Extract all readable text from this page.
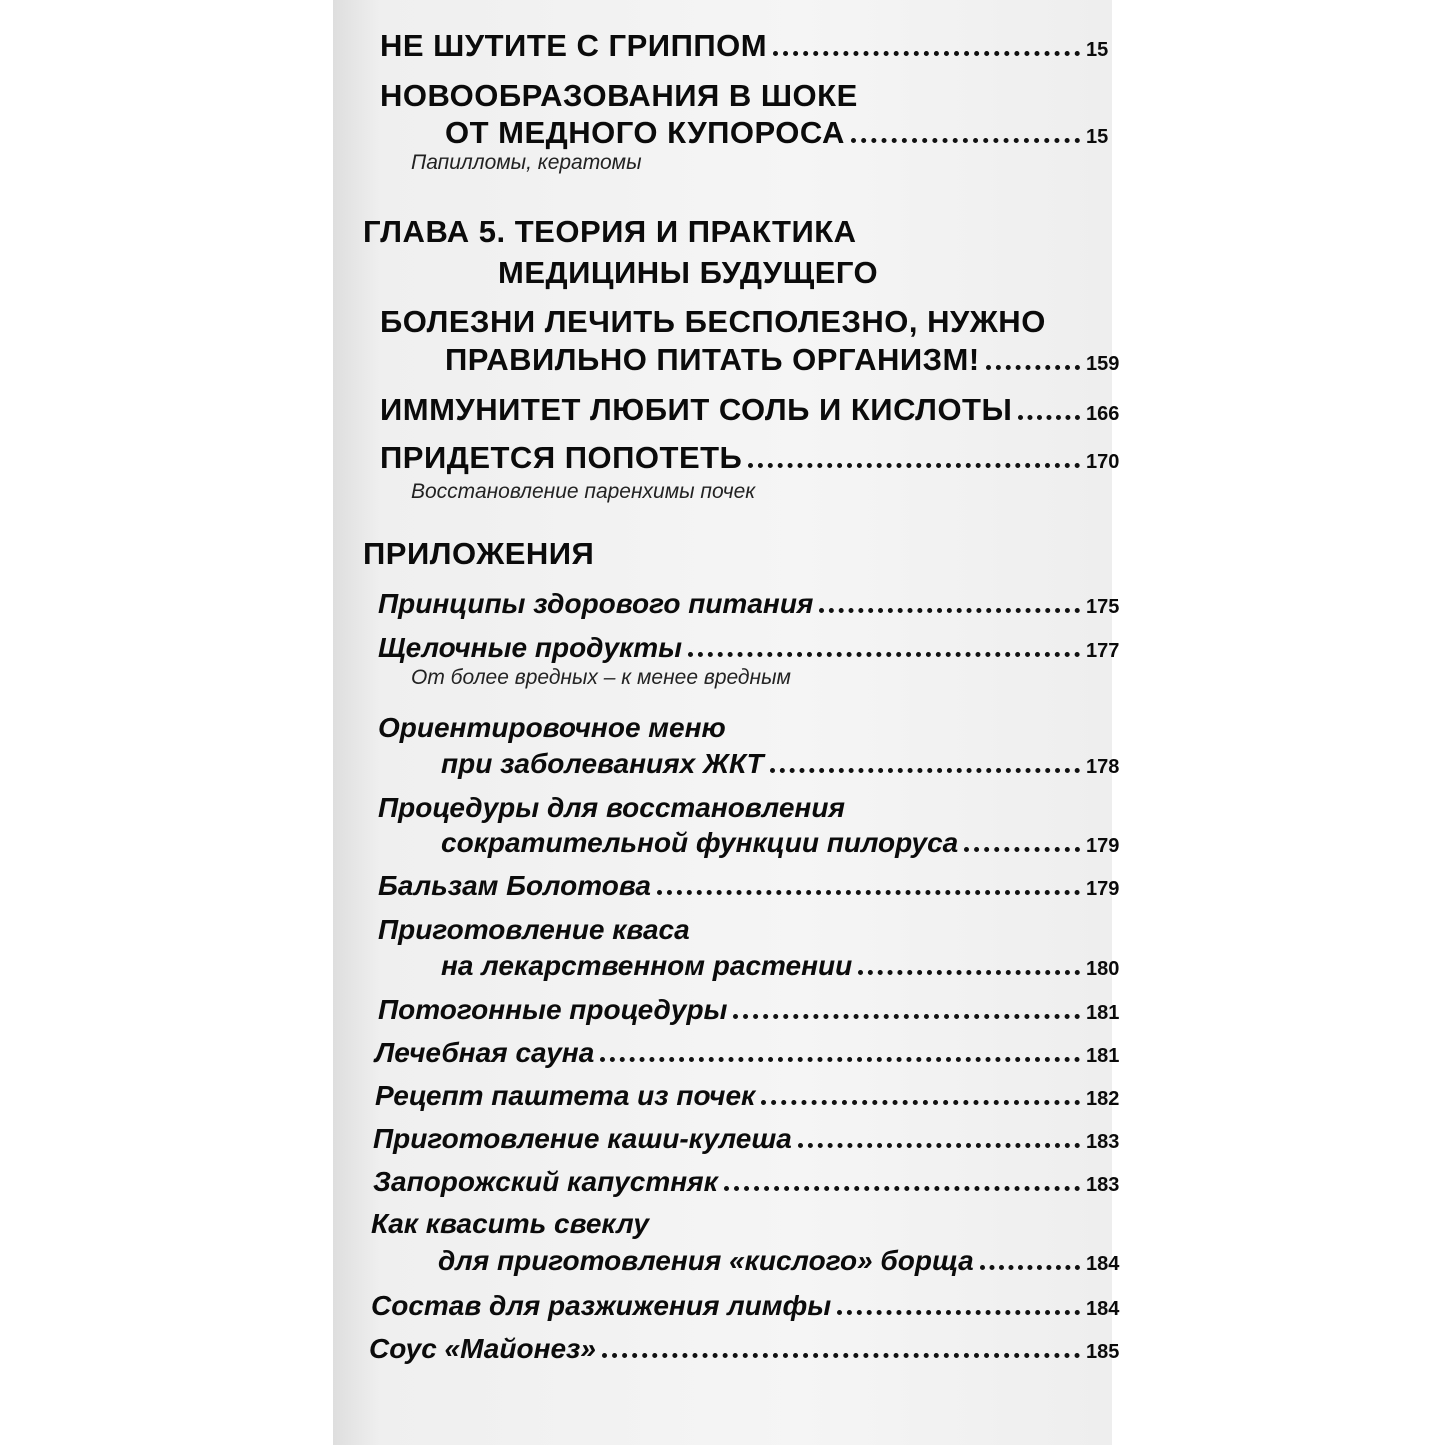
НЕ ШУТИТЕ С ГРИППОМ	15
НОВООБРАЗОВАНИЯ В ШОКЕ
ОТ МЕДНОГО КУПОРОСА	15
Папилломы, кератомы
ГЛАВА 5. ТЕОРИЯ И ПРАКТИКА
МЕДИЦИНЫ БУДУЩЕГО
БОЛЕЗНИ ЛЕЧИТЬ БЕСПОЛЕЗНО, НУЖНО
ПРАВИЛЬНО ПИТАТЬ ОРГАНИЗМ!	159
ИММУНИТЕТ ЛЮБИТ СОЛЬ И КИСЛОТЫ	166
ПРИДЕТСЯ ПОПОТЕТЬ	170
Восстановление паренхимы почек
ПРИЛОЖЕНИЯ
Принципы здорового питания	175
Щелочные продукты	177
От более вредных – к менее вредным
Ориентировочное меню
при заболеваниях ЖКТ	178
Процедуры для восстановления
сократительной функции пилоруса	179
Бальзам Болотова	179
Приготовление кваса
на лекарственном растении	180
Потогонные процедуры	181
Лечебная сауна	181
Рецепт паштета из почек	182
Приготовление каши-кулеша	183
Запорожский капустняк	183
Как квасить свеклу
для приготовления «кислого» борща	184
Состав для разжижения лимфы	184
Соус «Майонез»	185
